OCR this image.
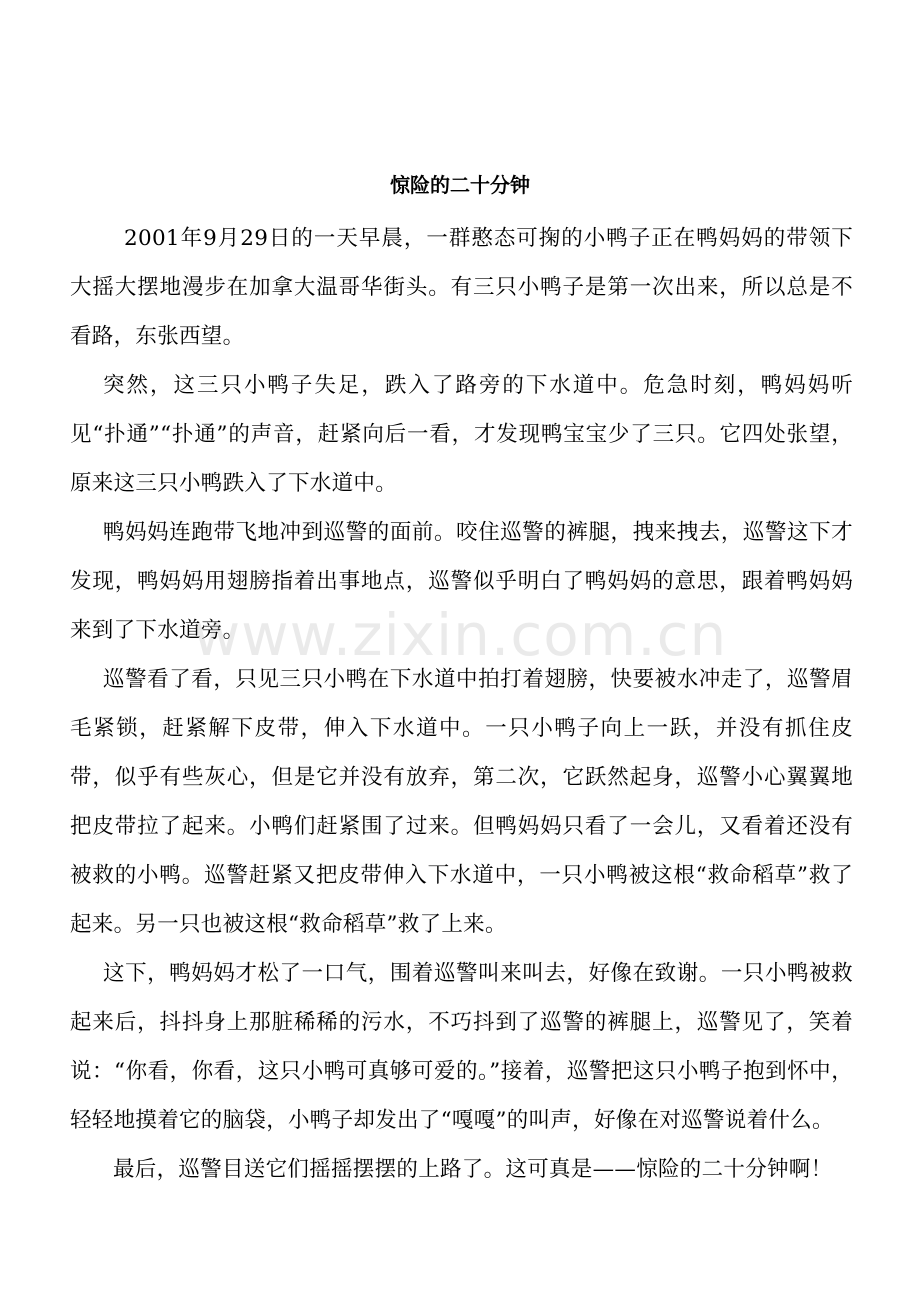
惊险的二十分钟

2001年9月29日的一天早晨，一群憨态可掬的小鸭子正在鸭妈妈的带领下大摇大摆地漫步在加拿大温哥华街头。有三只小鸭子是第一次出来，所以总是不看路，东张西望。

突然，这三只小鸭子失足，跌入了路旁的下水道中。危急时刻，鸭妈妈听见“扑通”“扑通”的声音，赶紧向后一看，才发现鸭宝宝少了三只。它四处张望，原来这三只小鸭跌入了下水道中。

鸭妈妈连跑带飞地冲到巡警的面前。咬住巡警的裤腿，拽来拽去，巡警这下才发现，鸭妈妈用翅膀指着出事地点，巡警似乎明白了鸭妈妈的意思，跟着鸭妈妈来到了下水道旁。

巡警看了看，只见三只小鸭在下水道中拍打着翅膀，快要被水冲走了，巡警眉毛紧锁，赶紧解下皮带，伸入下水道中。一只小鸭子向上一跃，并没有抓住皮带，似乎有些灰心，但是它并没有放弃，第二次，它跃然起身，巡警小心翼翼地把皮带拉了起来。小鸭们赶紧围了过来。但鸭妈妈只看了一会儿，又看着还没有被救的小鸭。巡警赶紧又把皮带伸入下水道中，一只小鸭被这根“救命稻草”救了起来。另一只也被这根“救命稻草”救了上来。

这下，鸭妈妈才松了一口气，围着巡警叫来叫去，好像在致谢。一只小鸭被救起来后，抖抖身上那脏稀稀的污水，不巧抖到了巡警的裤腿上，巡警见了，笑着说：“你看，你看，这只小鸭可真够可爱的。”接着，巡警把这只小鸭子抱到怀中，轻轻地摸着它的脑袋，小鸭子却发出了“嘎嘎”的叫声，好像在对巡警说着什么。

最后，巡警目送它们摇摇摆摆的上路了。这可真是——惊险的二十分钟啊！

www.zixin.com.cn
